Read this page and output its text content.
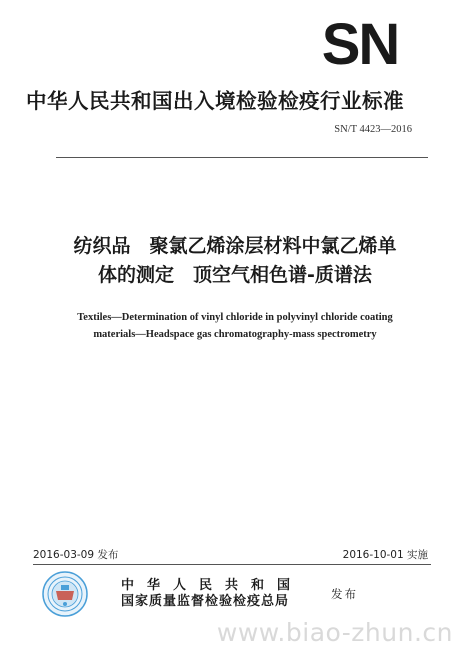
SN
中华人民共和国出入境检验检疫行业标准
SN/T 4423—2016
纺织品　聚氯乙烯涂层材料中氯乙烯单
体的测定　顶空气相色谱-质谱法
Textiles—Determination of vinyl chloride in polyvinyl chloride coating
materials—Headspace gas chromatography-mass spectrometry
2016-03-09 发布	2016-10-01 实施
中华人民共和国
国家质量监督检验检疫总局	发布
www.biao-zhun.cn
